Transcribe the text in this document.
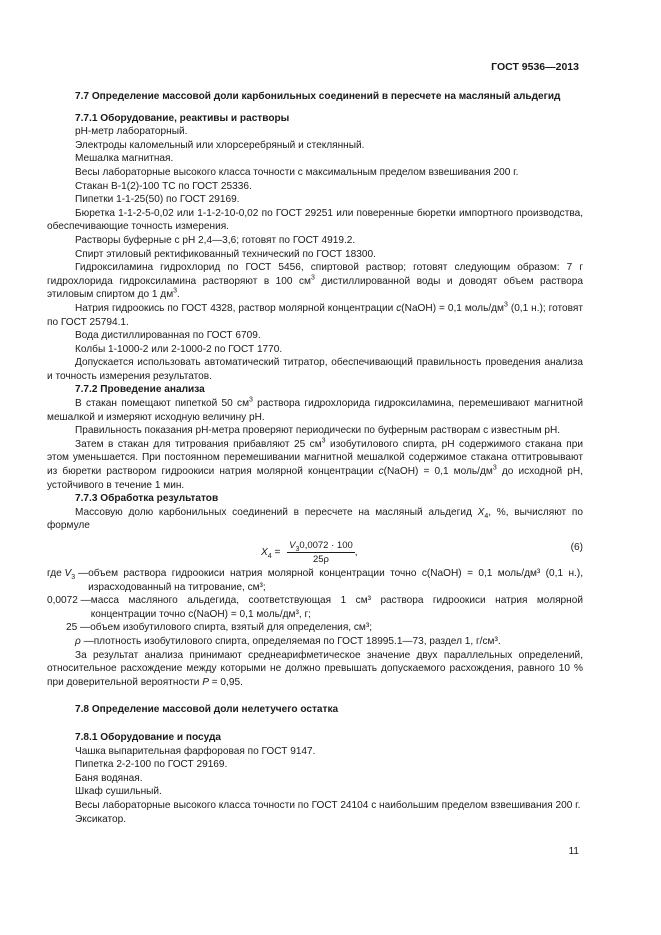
ГОСТ 9536—2013

7.7 Определение массовой доли карбонильных соединений в пересчете на масляный альдегид

7.7.1 Оборудование, реактивы и растворы

pH-метр лабораторный.

Электроды каломельный или хлорсеребряный и стеклянный.

Мешалка магнитная.

Весы лабораторные высокого класса точности с максимальным пределом взвешивания 200 г.

Стакан В-1(2)-100 ТС по ГОСТ 25336.

Пипетки 1-1-25(50) по ГОСТ 29169.

Бюретка 1-1-2-5-0,02 или 1-1-2-10-0,02 по ГОСТ 29251 или поверенные бюретки импортного производства, обеспечивающие точность измерения.

Растворы буферные с pH 2,4—3,6; готовят по ГОСТ 4919.2.

Спирт этиловый ректификованный технический по ГОСТ 18300.

Гидроксиламина гидрохлорид по ГОСТ 5456, спиртовой раствор; готовят следующим образом: 7 г гидрохлорида гидроксиламина растворяют в 100 $см^3$ дистиллированной воды и доводят объем раствора этиловым спиртом до 1 $дм^3$.

Натрия гидроокись по ГОСТ 4328, раствор молярной концентрации c(NaOH) = 0,1 моль/$дм^3$ (0,1 н.); готовят по ГОСТ 25794.1.

Вода дистиллированная по ГОСТ 6709.

Колбы 1-1000-2 или 2-1000-2 по ГОСТ 1770.

Допускается использовать автоматический титратор, обеспечивающий правильность проведения анализа и точность измерения результатов.

7.7.2 Проведение анализа

В стакан помещают пипеткой 50 $см^3$ раствора гидрохлорида гидроксиламина, перемешивают магнитной мешалкой и измеряют исходную величину pH.

Правильность показания pH-метра проверяют периодически по буферным растворам с известным pH.

Затем в стакан для титрования прибавляют 25 $см^3$ изобутилового спирта, pH содержимого стакана при этом уменьшается. При постоянном перемешивании магнитной мешалкой содержимое стакана оттитровывают из бюретки раствором гидроокиси натрия молярной концентрации c(NaOH) = 0,1 моль/$дм^3$ до исходной pH, устойчивого в течение 1 мин.

7.7.3 Обработка результатов

Массовую долю карбонильных соединений в пересчете на масляный альдегид $X_4$, %, вычисляют по формуле

$X_4 = \frac{V_30,0072 \cdot 100}{25\rho}$ ,	(6)

где $V_3$ — объем раствора гидроокиси натрия молярной концентрации точно c(NaOH) = 0,1 моль/дм³ (0,1 н.), израсходованный на титрование, см³;

0,0072 — масса масляного альдегида, соответствующая 1 см³ раствора гидроокиси натрия молярной концентрации точно c(NaOH) = 0,1 моль/дм³, г;

25 — объем изобутилового спирта, взятый для определения, см³;

ρ — плотность изобутилового спирта, определяемая по ГОСТ 18995.1—73, раздел 1, г/см³.

За результат анализа принимают среднеарифметическое значение двух параллельных определений, относительное расхождение между которыми не должно превышать допускаемого расхождения, равного 10 % при доверительной вероятности P = 0,95.

7.8 Определение массовой доли нелетучего остатка

7.8.1 Оборудование и посуда

Чашка выпарительная фарфоровая по ГОСТ 9147.

Пипетка 2-2-100 по ГОСТ 29169.

Баня водяная.

Шкаф сушильный.

Весы лабораторные высокого класса точности по ГОСТ 24104 с наибольшим пределом взвешивания 200 г.

Эксикатор.

11
